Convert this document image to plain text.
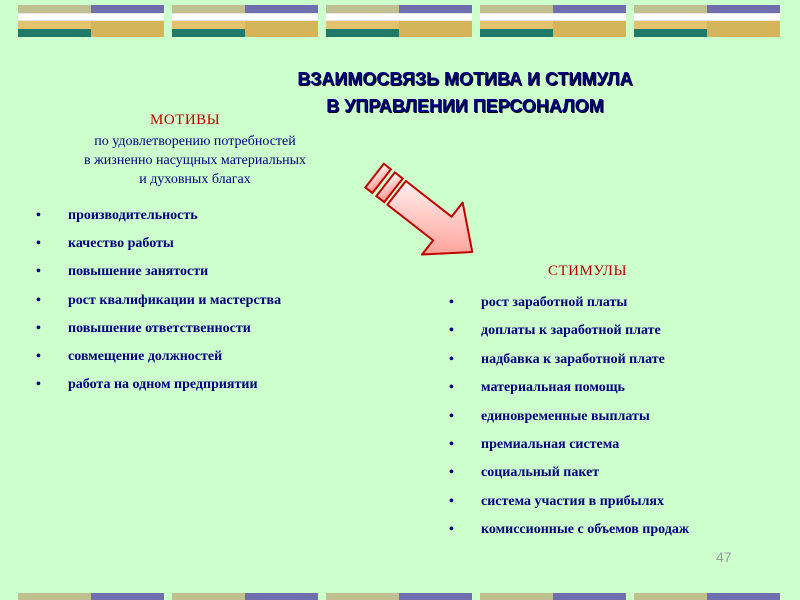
ВЗАИМОСВЯЗЬ МОТИВА И СТИМУЛА
В УПРАВЛЕНИИ ПЕРСОНАЛОМ
МОТИВЫ
по удовлетворению потребностей
в жизненно насущных материальных
и духовных благах
• производительность
• качество работы
• повышение занятости
• рост квалификации и мастерства
• повышение ответственности
• совмещение должностей
• работа на одном предприятии
СТИМУЛЫ
• рост заработной платы
• доплаты к заработной плате
• надбавка к заработной плате
• материальная помощь
• единовременные выплаты
• премиальная система
• социальный пакет
• система участия в прибылях
• комиссионные с объемов продаж
47
